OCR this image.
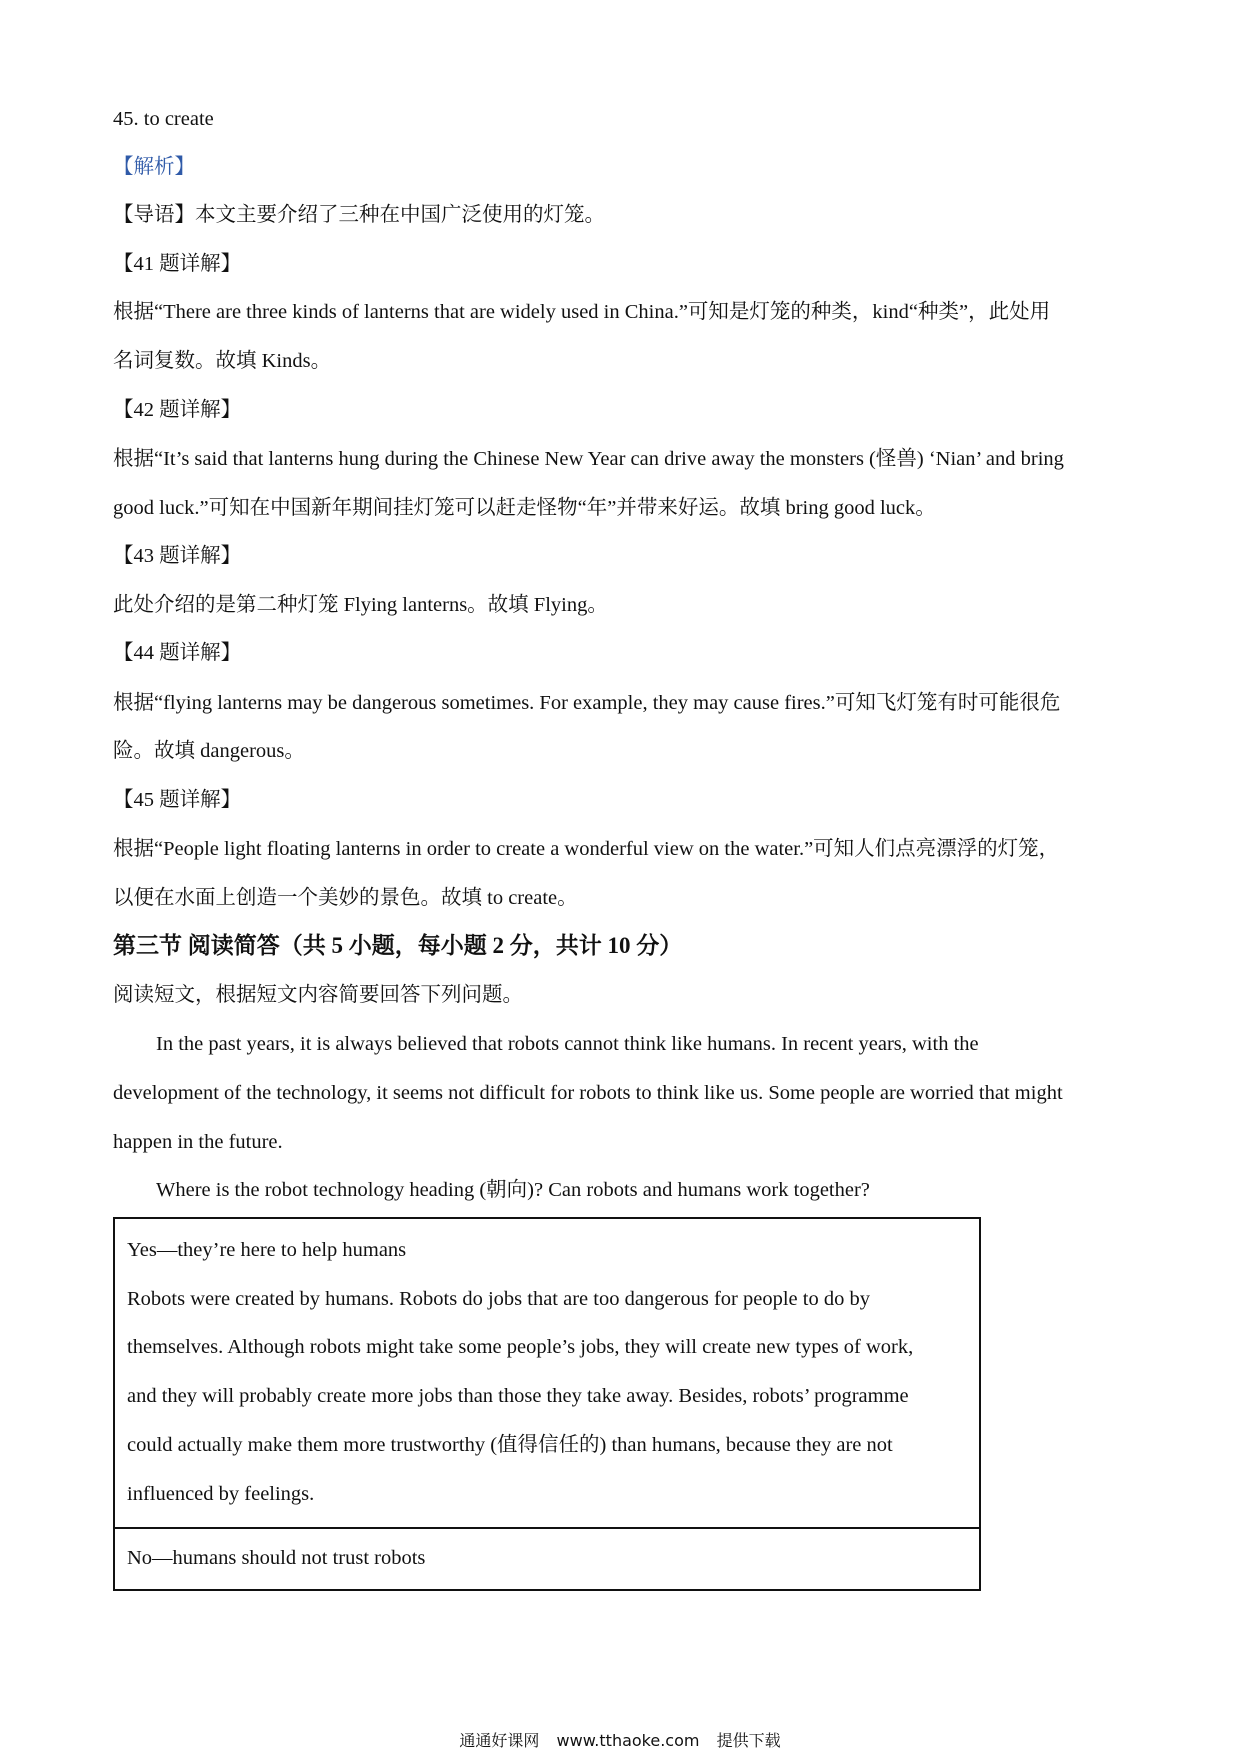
45. to create

【解析】

【导语】本文主要介绍了三种在中国广泛使用的灯笼。

【41 题详解】

根据“There are three kinds of lanterns that are widely used in China.”可知是灯笼的种类，kind“种类”，此处用

名词复数。故填 Kinds。

【42 题详解】

根据“It’s said that lanterns hung during the Chinese New Year can drive away the monsters (怪兽) ‘Nian’ and bring

good luck.”可知在中国新年期间挂灯笼可以赶走怪物“年”并带来好运。故填 bring good luck。

【43 题详解】

此处介绍的是第二种灯笼 Flying lanterns。故填 Flying。

【44 题详解】

根据“flying lanterns may be dangerous sometimes. For example, they may cause fires.”可知飞灯笼有时可能很危

险。故填 dangerous。

【45 题详解】

根据“People light floating lanterns in order to create a wonderful view on the water.”可知人们点亮漂浮的灯笼，

以便在水面上创造一个美妙的景色。故填 to create。

第三节 阅读简答（共 5 小题，每小题 2 分，共计 10 分）

阅读短文，根据短文内容简要回答下列问题。

In the past years, it is always believed that robots cannot think like humans. In recent years, with the

development of the technology, it seems not difficult for robots to think like us. Some people are worried that might

happen in the future.

Where is the robot technology heading (朝向)? Can robots and humans work together?

Yes—they’re here to help humans

Robots were created by humans. Robots do jobs that are too dangerous for people to do by

themselves. Although robots might take some people’s jobs, they will create new types of work,

and they will probably create more jobs than those they take away. Besides, robots’ programme

could actually make them more trustworthy (值得信任的) than humans, because they are not

influenced by feelings.

No—humans should not trust robots

通通好课网 www.tthaoke.com 提供下载
